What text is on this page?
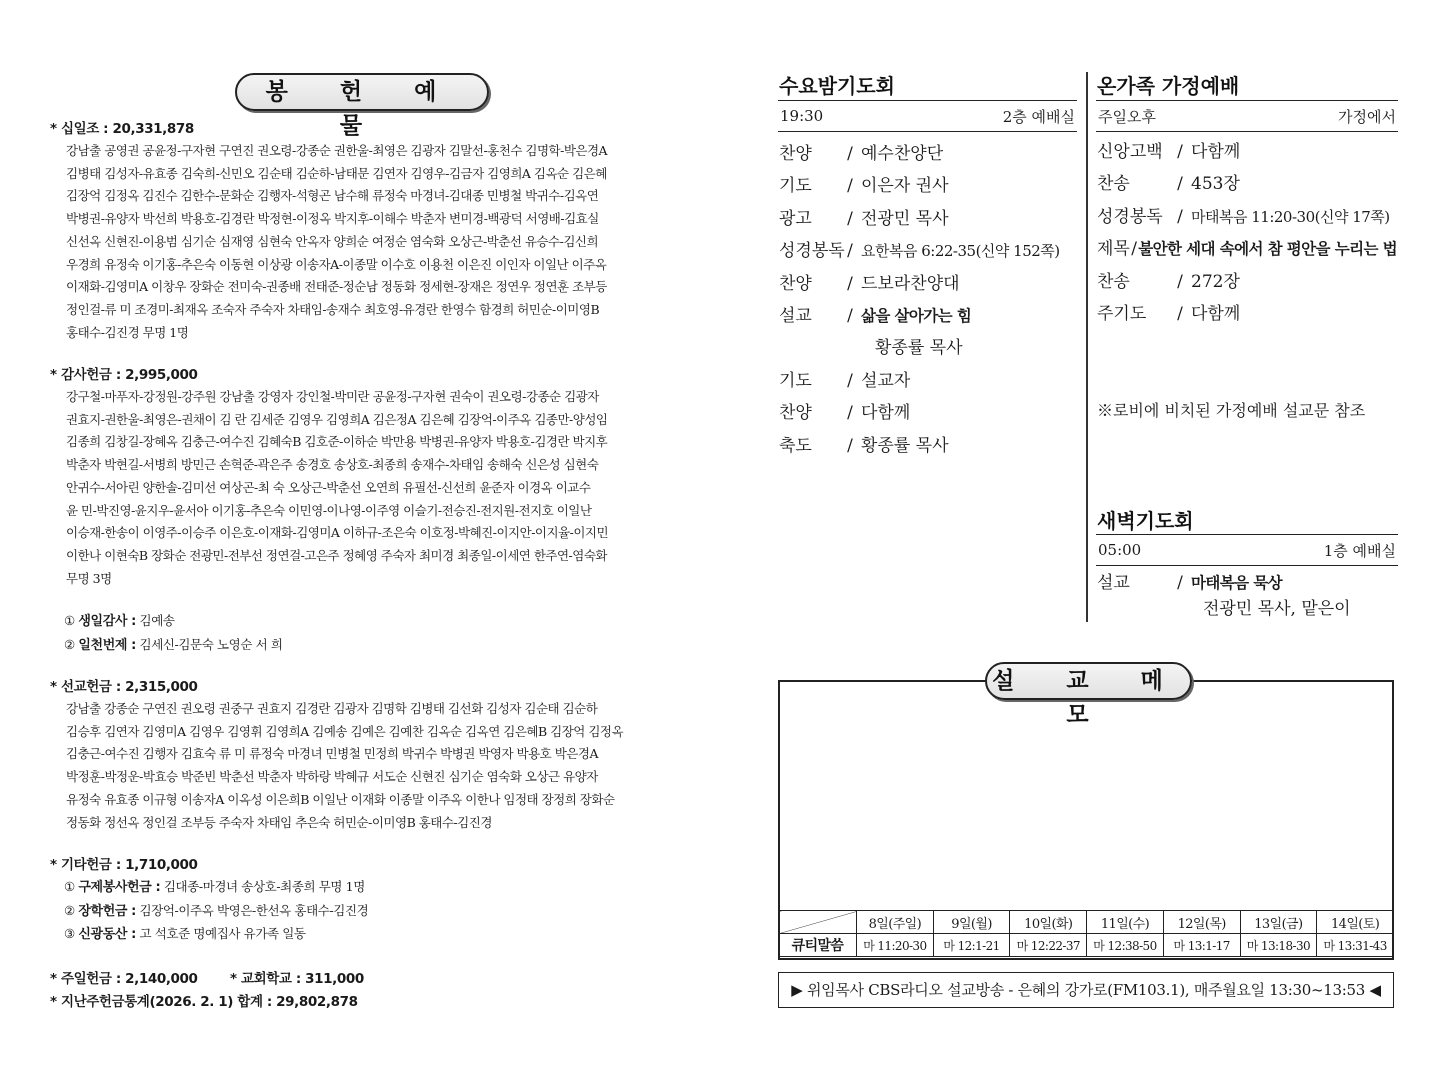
봉 헌 예 물
* 십일조 : 20,331,878
강남출 공영권 공윤정-구자현 구연진 권오령-강종순 권한울-최영은 김광자 김말선-홍천수 김명학-박은경A
김병태 김성자-유효종 김숙희-신민오 김순태 김순하-남태문 김연자 김영우-김금자 김영희A 김옥순 김은혜
김장억 김정옥 김진수 김한수-문화순 김행자-석형곤 남수해 류정숙 마경녀-김대종 민병철 박귀수-김옥연
박병권-유양자 박선희 박용호-김경란 박정현-이정옥 박지후-이해수 박춘자 변미경-백광덕 서영배-김효실
신선옥 신현진-이용범 심기순 심재영 심현숙 안옥자 양희순 여정순 염숙화 오상근-박춘선 유승수-김신희
우경희 유정숙 이기홍-추은숙 이동현 이상광 이송자A-이종말 이수호 이용천 이은진 이인자 이일난 이주옥
이재화-김영미A 이창우 장화순 전미숙-권종배 전태준-정순남 정동화 정세현-장재은 정연우 정연훈 조부등
정인걸-류 미 조경미-최재옥 조숙자 주숙자 차태임-송재수 최호영-유경란 한영수 함경희 허민순-이미영B
홍태수-김진경 무명 1명
* 감사헌금 : 2,995,000
강구철-마푸자-강정원-강주원 강남출 강영자 강인철-박미란 공윤정-구자현 권숙이 권오령-강종순 김광자
권효지-권한울-최영은-권채이 김 란 김세준 김영우 김영희A 김은정A 김은혜 김장억-이주옥 김종만-양성임
김종희 김창길-장혜옥 김충근-여수진 김혜숙B 김호준-이하순 박만용 박병권-유양자 박용호-김경란 박지후
박춘자 박현길-서병희 방민근 손혁준-곽은주 송경호 송상호-최종희 송재수-차태임 송해숙 신은성 심현숙
안귀수-서아린 양한솔-김미선 여상곤-최 숙 오상근-박춘선 오연희 유필선-신선희 윤준자 이경옥 이교수
윤 민-박진영-윤지우-윤서아 이기홍-추은숙 이민영-이나영-이주영 이슬기-전승진-전지원-전지호 이일난
이승재-한송이 이영주-이승주 이은호-이재화-김영미A 이하규-조은숙 이호정-박혜진-이지안-이지율-이지민
이한나 이현숙B 장화순 전광민-전부선 정연걸-고은주 정혜영 주숙자 최미경 최종일-이세연 한주연-염숙화
무명 3명
① 생일감사 : 김예송
② 일천번제 : 김세신-김문숙 노영순 서 희
* 선교헌금 : 2,315,000
강남출 강종순 구연진 권오령 권중구 권효지 김경란 김광자 김명학 김병태 김선화 김성자 김순태 김순하
김승후 김연자 김영미A 김영우 김영휘 김영희A 김예송 김예은 김예찬 김옥순 김옥연 김은혜B 김장억 김정옥
김충근-여수진 김행자 김효숙 류 미 류정숙 마경녀 민병철 민정희 박귀수 박병권 박영자 박용호 박은경A
박정훈-박정운-박효승 박준빈 박춘선 박춘자 박하랑 박혜규 서도순 신현진 심기순 염숙화 오상근 유양자
유정숙 유효종 이규형 이송자A 이옥성 이은희B 이일난 이재화 이종말 이주옥 이한나 임정태 장정희 장화순
정동화 정선옥 정인걸 조부등 주숙자 차태임 추은숙 허민순-이미영B 홍태수-김진경
* 기타헌금 : 1,710,000
① 구제봉사헌금 : 김대종-마경녀 송상호-최종희 무명 1명
② 장학헌금 : 김장억-이주옥 박영은-한선옥 홍태수-김진경
③ 신광동산 : 고 석호준 명예집사 유가족 일동
* 주일헌금 : 2,140,000 * 교회학교 : 311,000
* 지난주헌금통계(2026. 2. 1) 합계 : 29,802,878
수요밤기도회
19:30	2층 예배실
찬양	/ 예수찬양단
기도	/ 이은자 권사
광고	/ 전광민 목사
성경봉독 / 요한복음 6:22-35(신약 152쪽)
찬양	/ 드보라찬양대
설교	/ 삶을 살아가는 힘
황종률 목사
기도	/ 설교자
찬양	/ 다함께
축도	/ 황종률 목사
온가족 가정예배
주일오후	가정에서
신앙고백 / 다함께
찬송	/ 453장
성경봉독 / 마태복음 11:20-30(신약 17쪽)
제목 / 불안한 세대 속에서 참 평안을 누리는 법
찬송	/ 272장
주기도	/ 다함께
※로비에 비치된 가정예배 설교문 참조
새벽기도회
05:00	1층 예배실
설교	/ 마태복음 묵상
전광민 목사, 맡은이
설 교 메 모
	8일(주일)	9일(월)	10일(화)	11일(수)	12일(목)	13일(금)	14일(토)
큐티말씀	마 11:20-30	마 12:1-21	마 12:22-37	마 12:38-50	마 13:1-17	마 13:18-30	마 13:31-43
▶ 위임목사 CBS라디오 설교방송 - 은혜의 강가로(FM103.1), 매주월요일 13:30~13:53 ◀
